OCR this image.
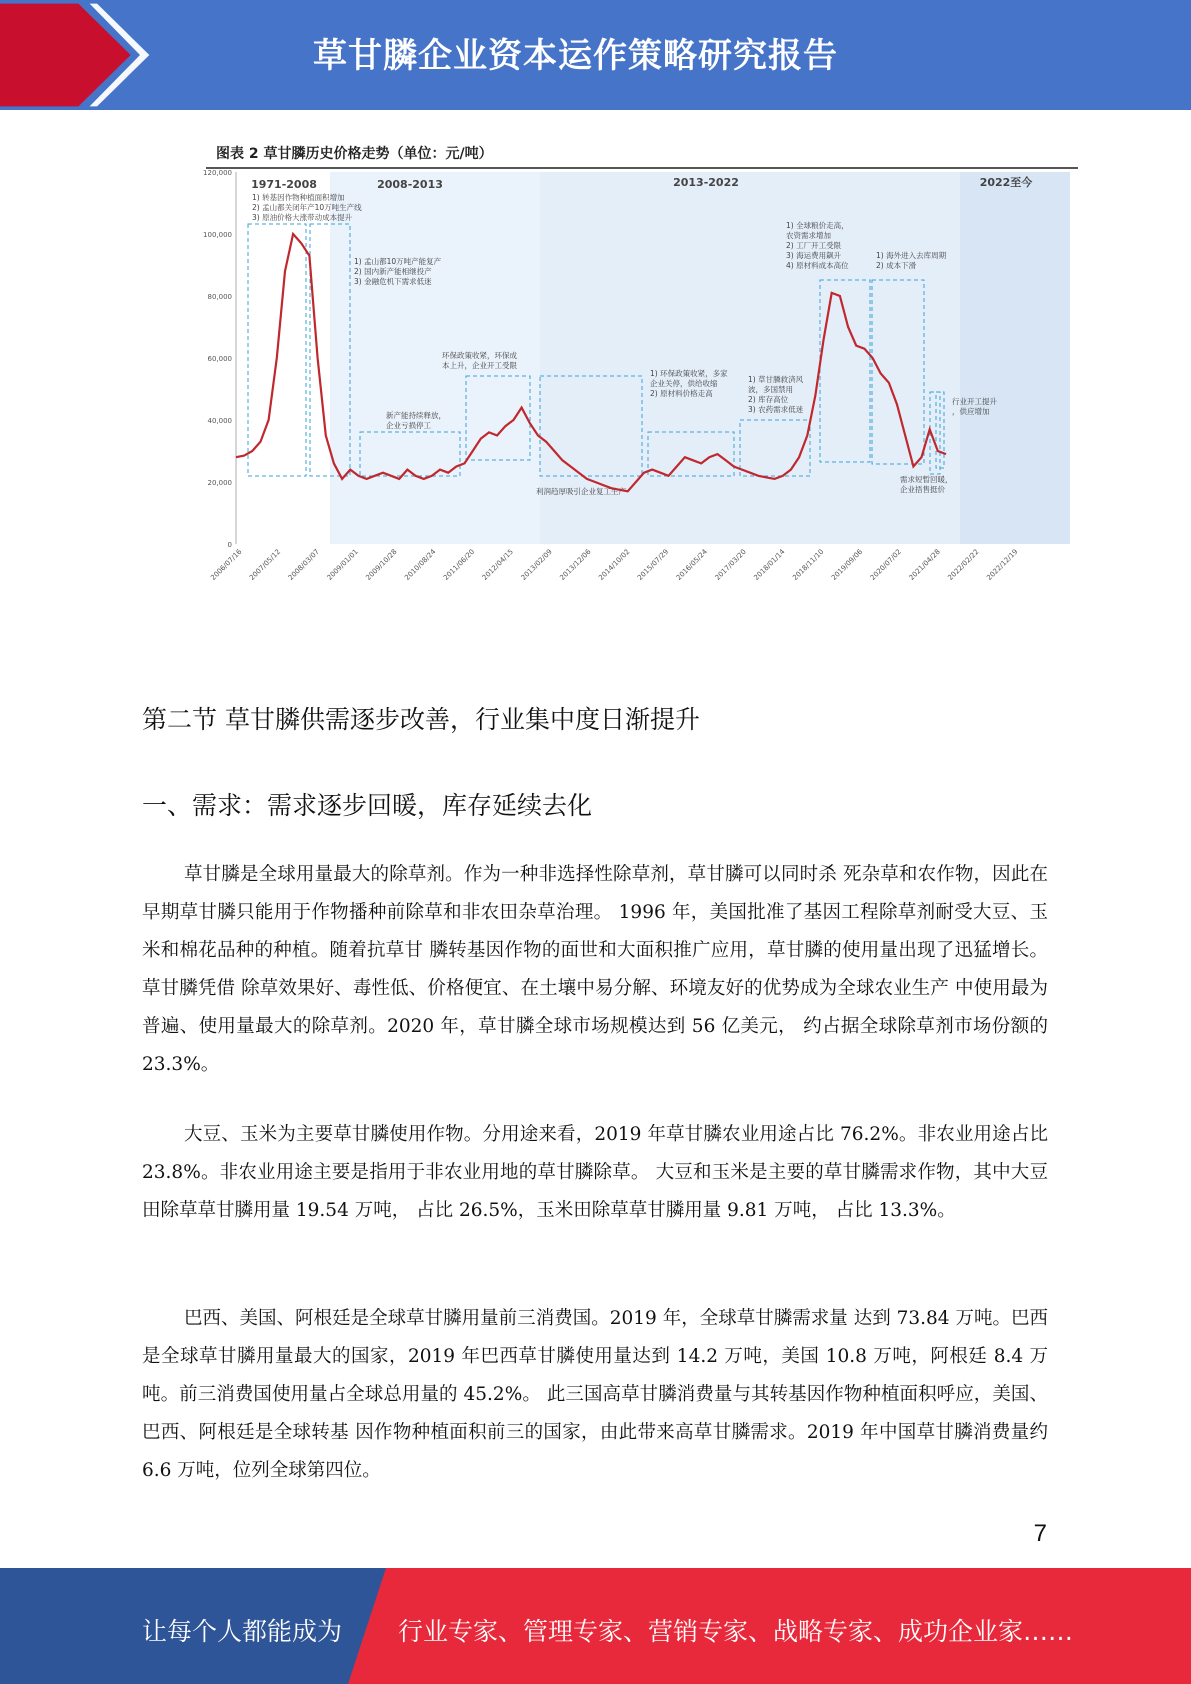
草甘膦企业资本运作策略研究报告
图表 2 草甘膦历史价格走势（单位：元/吨）
1971-2008	2008-2013	2013-2022	2022至今
0
20,000
40,000
60,000
80,000
100,000
120,000
2006/07/16 2007/05/12 2008/03/07 2009/01/01 2009/10/28 2010/08/24 2011/06/20 2012/04/15 2013/02/09 2013/12/06 2014/10/02 2015/07/29 2016/05/24 2017/03/20 2018/01/14 2018/11/10 2019/09/06 2020/07/02 2021/04/28 2022/02/22 2022/12/19
1) 转基因作物种植面积增加 2) 孟山都关闭年产10万吨生产线 3) 原油价格大涨带动成本提升
1) 孟山都10万吨产能复产 2) 国内新产能相继投产 3) 金融危机下需求低迷
新产能持续释放，企业亏损停工
环保政策收紧，环保成本上升，企业开工受限
利润趋厚吸引企业复工生产
1) 环保政策收紧，多家企业关停，供给收缩 2) 原材料价格走高
1) 草甘膦救済风波，多国禁用 2) 库存高位 3) 农药需求低迷
1) 全球粮价走高，农资需求增加 2) 工厂开工受限 3) 海运费用飙升 4) 原材料成本高位
1) 海外进入去库周期 2) 成本下滑
需求短暂回暖，企业捂售挺价
行业开工提升，供应增加
第二节 草甘膦供需逐步改善，行业集中度日渐提升
一、需求：需求逐步回暖，库存延续去化
草甘膦是全球用量最大的除草剂。作为一种非选择性除草剂，草甘膦可以同时杀 死杂草和农作物，因此在早期草甘膦只能用于作物播种前除草和非农田杂草治理。 1996 年，美国批准了基因工程除草剂耐受大豆、玉米和棉花品种的种植。随着抗草甘 膦转基因作物的面世和大面积推广应用，草甘膦的使用量出现了迅猛增长。草甘膦凭借 除草效果好、毒性低、价格便宜、在土壤中易分解、环境友好的优势成为全球农业生产 中使用最为普遍、使用量最大的除草剂。2020 年，草甘膦全球市场规模达到 56 亿美元， 约占据全球除草剂市场份额的 23.3%。
大豆、玉米为主要草甘膦使用作物。分用途来看，2019 年草甘膦农业用途占比 76.2%。非农业用途占比 23.8%。非农业用途主要是指用于非农业用地的草甘膦除草。 大豆和玉米是主要的草甘膦需求作物，其中大豆田除草草甘膦用量 19.54 万吨， 占比 26.5%，玉米田除草草甘膦用量 9.81 万吨， 占比 13.3%。
巴西、美国、阿根廷是全球草甘膦用量前三消费国。2019 年，全球草甘膦需求量 达到 73.84 万吨。巴西是全球草甘膦用量最大的国家，2019 年巴西草甘膦使用量达到 14.2 万吨，美国 10.8 万吨，阿根廷 8.4 万吨。前三消费国使用量占全球总用量的 45.2%。 此三国高草甘膦消费量与其转基因作物种植面积呼应，美国、巴西、阿根廷是全球转基 因作物种植面积前三的国家，由此带来高草甘膦需求。2019 年中国草甘膦消费量约 6.6 万吨，位列全球第四位。
7
让每个人都能成为 行业专家、管理专家、营销专家、战略专家、成功企业家……
